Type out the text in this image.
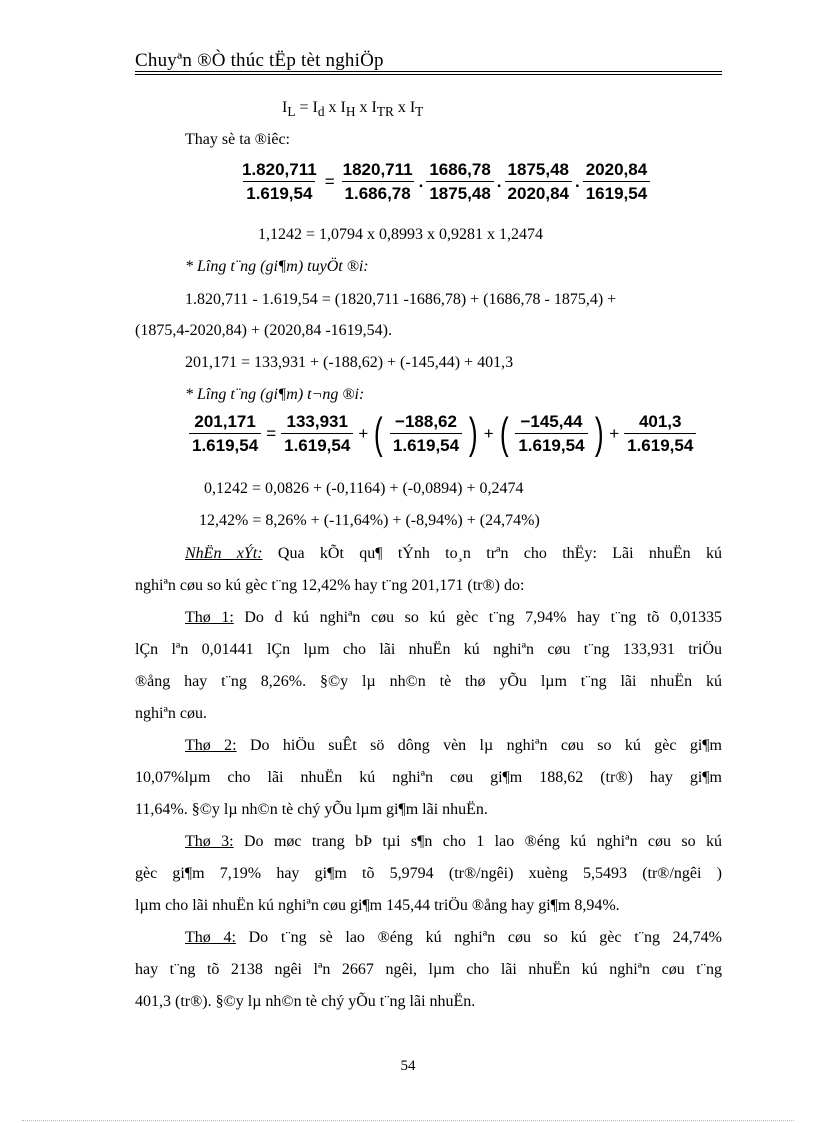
Chuyªn ®Ò thúc tËp tèt nghiÖp
$I_L = I_d$ x $I_H$ x $I_{TR}$ x $I_T$
Thay sè ta ®iêc:
$\frac{1.820,711}{1.619,54} = \frac{1820,711}{1.686,78}$ . $\frac{1686,78}{1875,48}$ . $\frac{1875,48}{2020,84}$ . $\frac{2020,84}{1619,54}$
1,1242 = 1,0794 x 0,8993 x 0,9281 x 1,2474
* Lîng t¨ng (gi¶m) tuyÖt ®i:
1.820,711 - 1.619,54 = (1820,711 -1686,78) + (1686,78 - 1875,4) +
(1875,4-2020,84) + (2020,84 -1619,54).
201,171 = 133,931 + (-188,62) + (-145,44) + 401,3
* Lîng t¨ng (gi¶m) t¬ng ®i:
$\frac{201,171}{1.619,54} = \frac{133,931}{1.619,54}$ + ( $\frac{-188,62}{1.619,54}$ ) + ( $\frac{-145,44}{1.619,54}$ ) + $\frac{401,3}{1.619,54}$
0,1242 = 0,0826 + (-0,1164) + (-0,0894) + 0,2474
12,42% = 8,26% + (-11,64%) + (-8,94%) + (24,74%)
NhËn xÝt: Qua kÕt qu¶ tÝnh to¸n trªn cho thËy: Lãi nhuËn kú
nghiªn cøu so kú gèc t¨ng 12,42% hay t¨ng 201,171 (tr®) do:
Thø 1: Do d kú nghiªn cøu so kú gèc t¨ng 7,94% hay t¨ng tõ 0,01335
lÇn lªn 0,01441 lÇn lµm cho lãi nhuËn kú nghiªn cøu t¨ng 133,931 triÖu
®ång hay t¨ng 8,26%. §©y lµ nh©n tè thø yÕu lµm t¨ng lãi nhuËn kú
nghiªn cøu.
Thø 2: Do hiÖu suÊt sö dông vèn lµ nghiªn cøu so kú gèc gi¶m
10,07%lµm cho lãi nhuËn kú nghiªn cøu gi¶m 188,62 (tr®) hay gi¶m
11,64%. §©y lµ nh©n tè chý yÕu lµm gi¶m lãi nhuËn.
Thø 3: Do møc trang bÞ tµi s¶n cho 1 lao ®éng kú nghiªn cøu so kú
gèc gi¶m 7,19% hay gi¶m tõ 5,9794 (tr®/ngêi) xuèng 5,5493 (tr®/ngêi )
lµm cho lãi nhuËn kú nghiªn cøu gi¶m 145,44 triÖu ®ång hay gi¶m 8,94%.
Thø 4: Do t¨ng sè lao ®éng kú nghiªn cøu so kú gèc t¨ng 24,74%
hay t¨ng tõ 2138 ngêi lªn 2667 ngêi, lµm cho lãi nhuËn kú nghiªn cøu t¨ng
401,3 (tr®). §©y lµ nh©n tè chý yÕu t¨ng lãi nhuËn.
54
